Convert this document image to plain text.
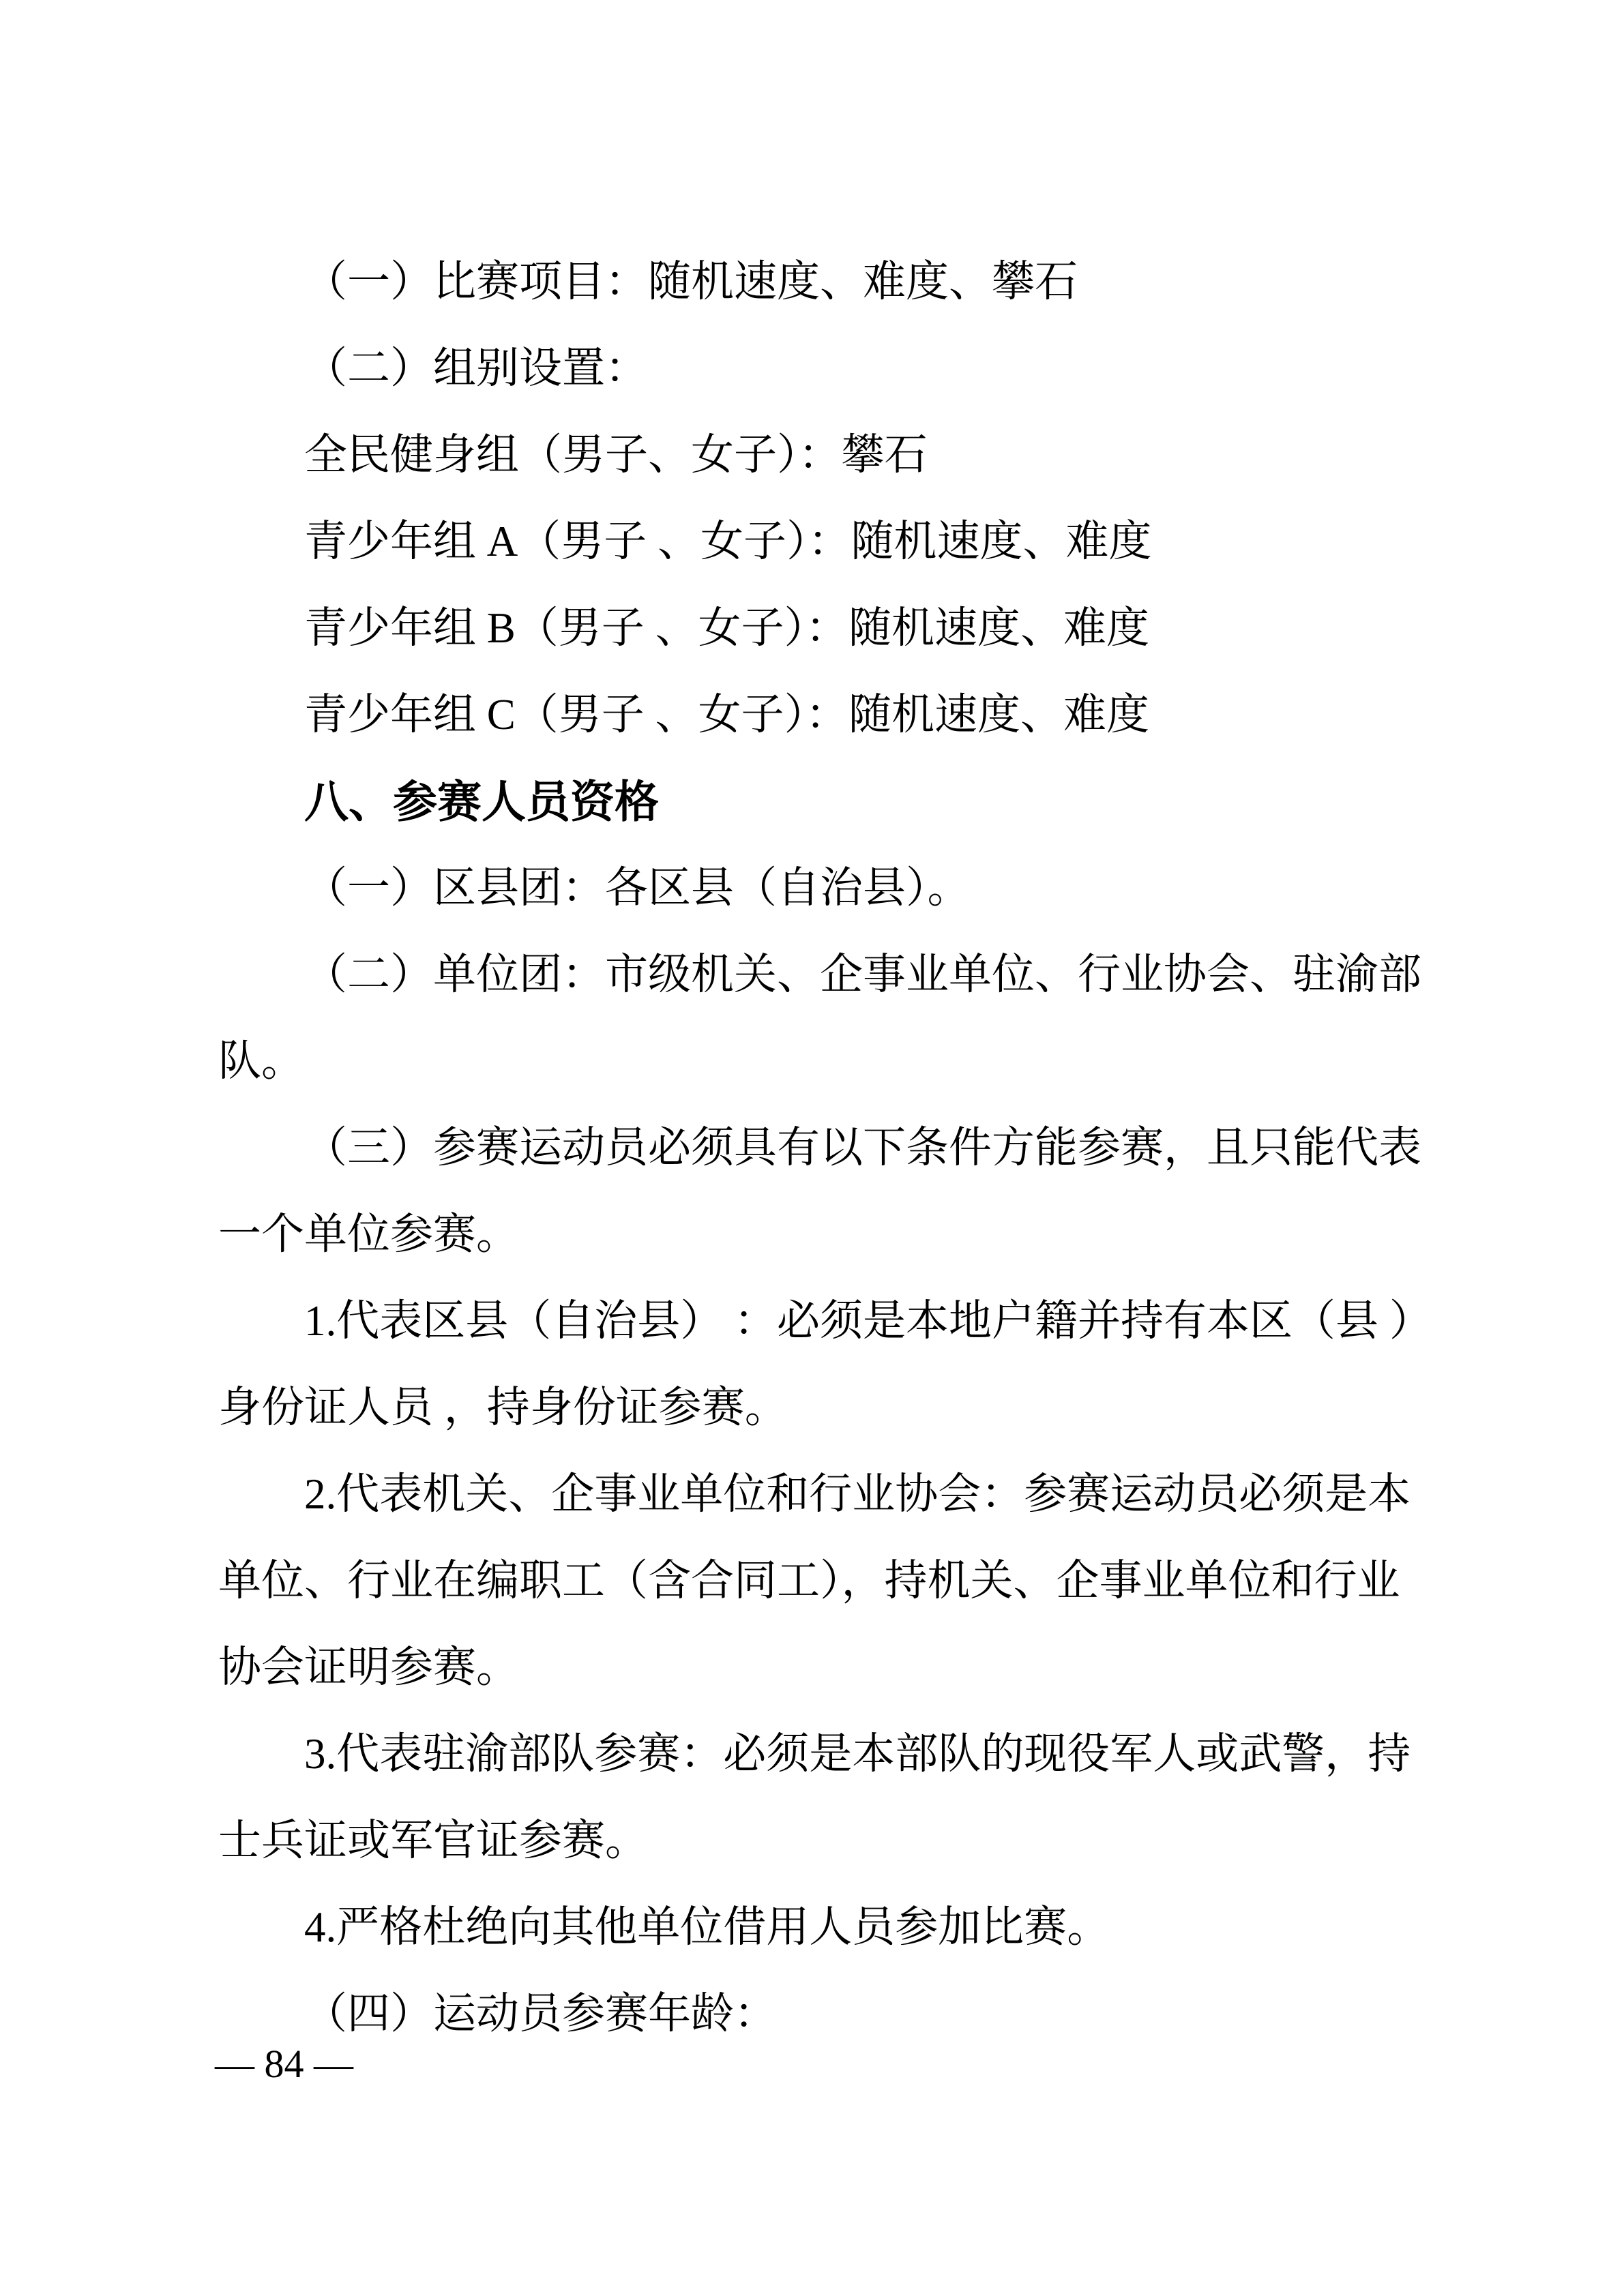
（一）比赛项目：随机速度、难度、攀石

（二）组别设置：

全民健身组（男子、女子）：攀石

青少年组 A（男子 、女子）：随机速度、难度

青少年组 B（男子 、女子）：随机速度、难度

青少年组 C（男子 、女子）：随机速度、难度

八、参赛人员资格

（一）区县团：各区县（自治县）。

（二）单位团：市级机关、企事业单位、行业协会、驻渝部

队。

（三）参赛运动员必须具有以下条件方能参赛，且只能代表

一个单位参赛。

1.代表区县（自治县） ：必须是本地户籍并持有本区（县 ）

身份证人员 ，持身份证参赛。

2.代表机关、企事业单位和行业协会：参赛运动员必须是本

单位、行业在编职工（含合同工），持机关、企事业单位和行业

协会证明参赛。

3.代表驻渝部队参赛：必须是本部队的现役军人或武警，持

士兵证或军官证参赛。

4.严格杜绝向其他单位借用人员参加比赛。

（四）运动员参赛年龄：

— 84 —
